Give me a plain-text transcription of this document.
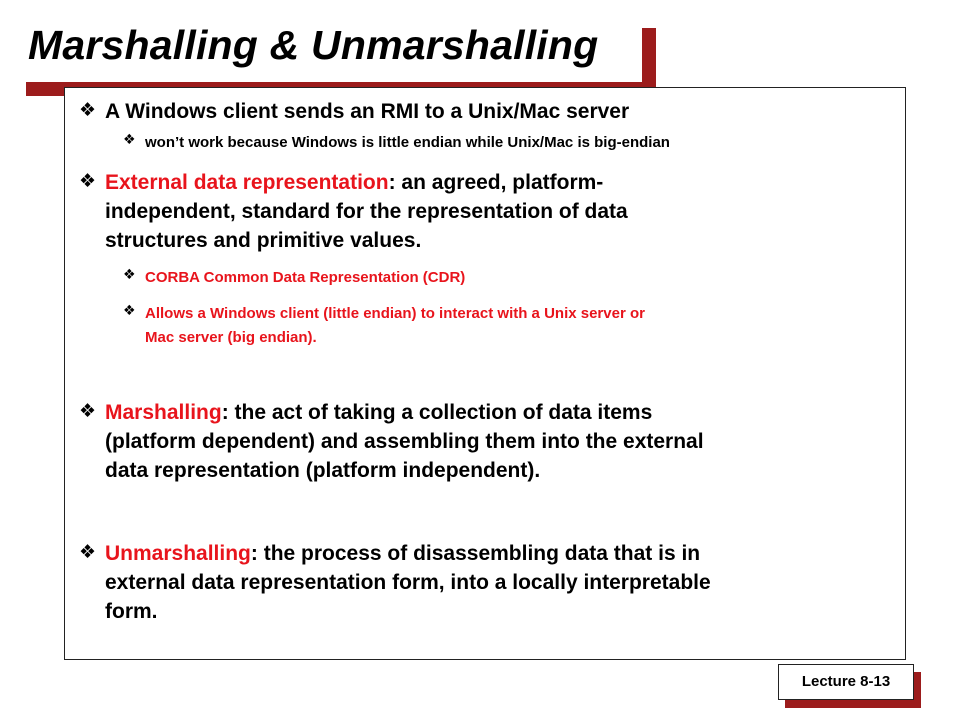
Marshalling & Unmarshalling
❖ A Windows client sends an RMI to a Unix/Mac server
❖ won’t work because Windows is little endian while Unix/Mac is big-endian
❖ External data representation: an agreed, platform-
independent, standard for the representation of data
structures and primitive values.
❖ CORBA Common Data Representation (CDR)
❖ Allows a Windows client (little endian) to interact with a Unix server or
Mac server (big endian).
❖ Marshalling: the act of taking a collection of data items
(platform dependent) and assembling them into the external
data representation (platform independent).
❖ Unmarshalling: the process of disassembling data that is in
external data representation form, into a locally interpretable
form.
Lecture 8-13
